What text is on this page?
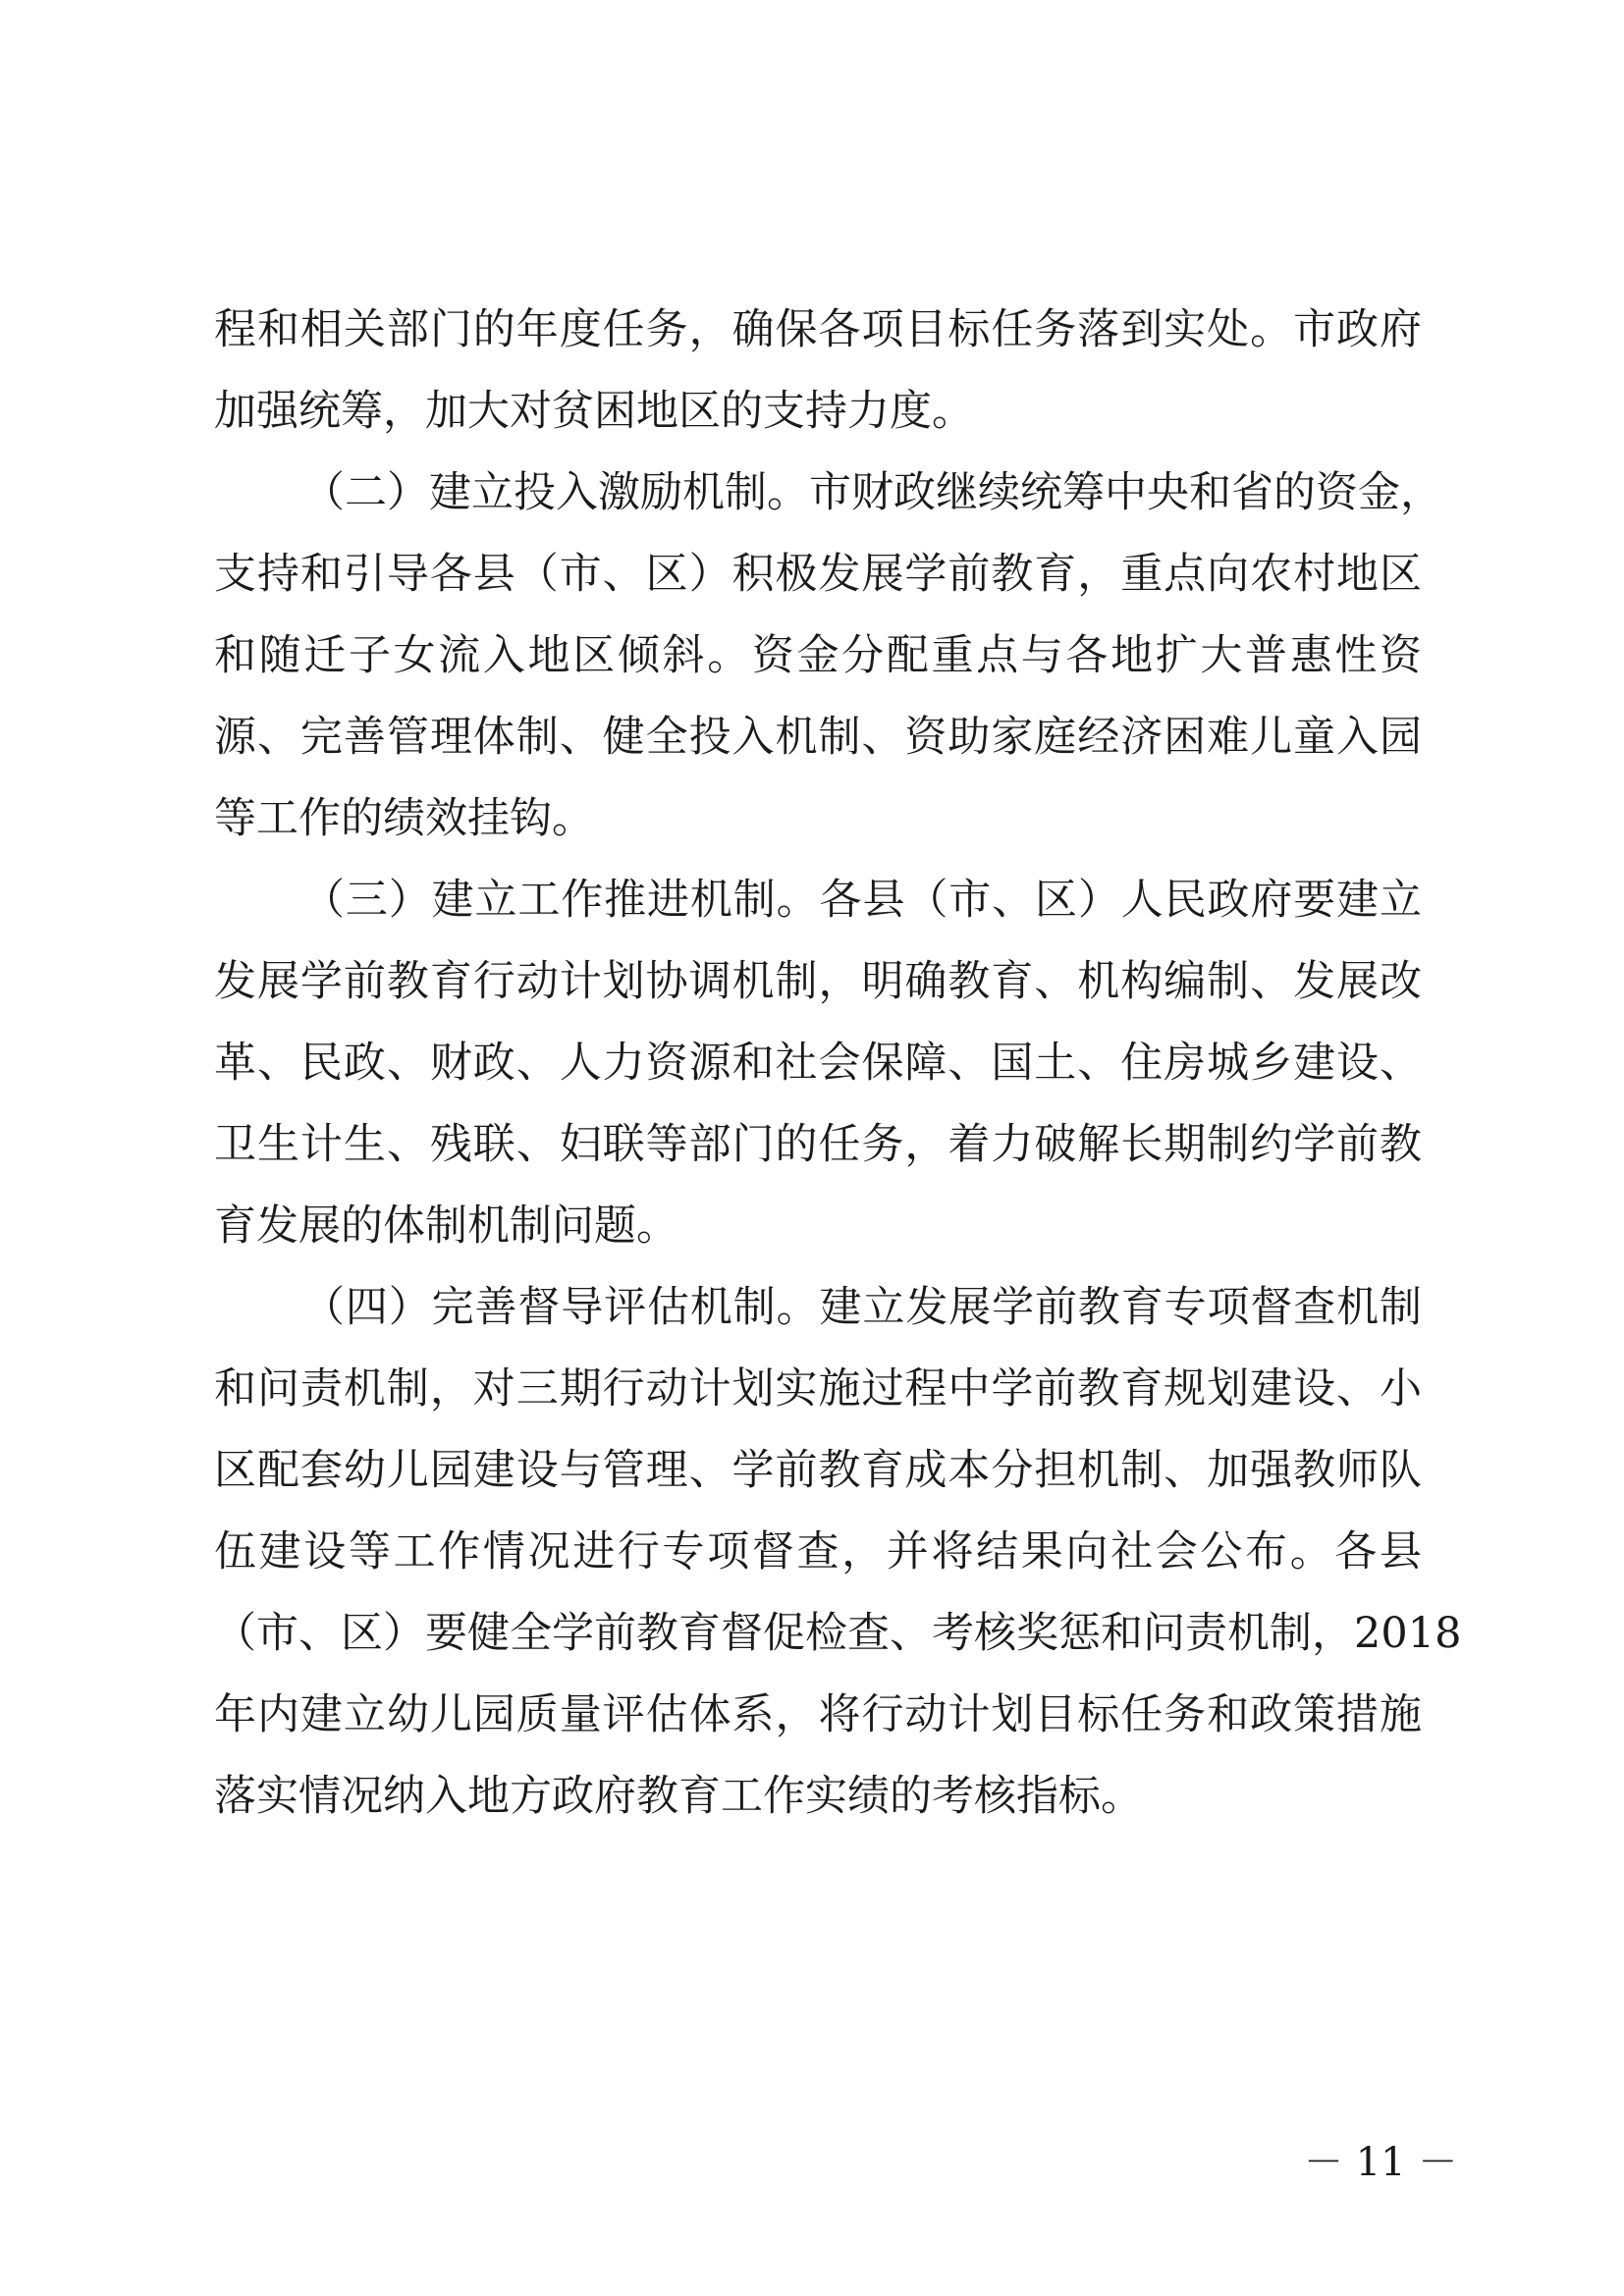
程和相关部门的年度任务，确保各项目标任务落到实处。市政府
加强统筹，加大对贫困地区的支持力度。
（二）建立投入激励机制。市财政继续统筹中央和省的资金，
支持和引导各县（市、区）积极发展学前教育，重点向农村地区
和随迁子女流入地区倾斜。资金分配重点与各地扩大普惠性资
源、完善管理体制、健全投入机制、资助家庭经济困难儿童入园
等工作的绩效挂钩。
（三）建立工作推进机制。各县（市、区）人民政府要建立
发展学前教育行动计划协调机制，明确教育、机构编制、发展改
革、民政、财政、人力资源和社会保障、国土、住房城乡建设、
卫生计生、残联、妇联等部门的任务，着力破解长期制约学前教
育发展的体制机制问题。
（四）完善督导评估机制。建立发展学前教育专项督查机制
和问责机制，对三期行动计划实施过程中学前教育规划建设、小
区配套幼儿园建设与管理、学前教育成本分担机制、加强教师队
伍建设等工作情况进行专项督查，并将结果向社会公布。各县
（市、区）要健全学前教育督促检查、考核奖惩和问责机制，2018
年内建立幼儿园质量评估体系，将行动计划目标任务和政策措施
落实情况纳入地方政府教育工作实绩的考核指标。
－ 11 －
